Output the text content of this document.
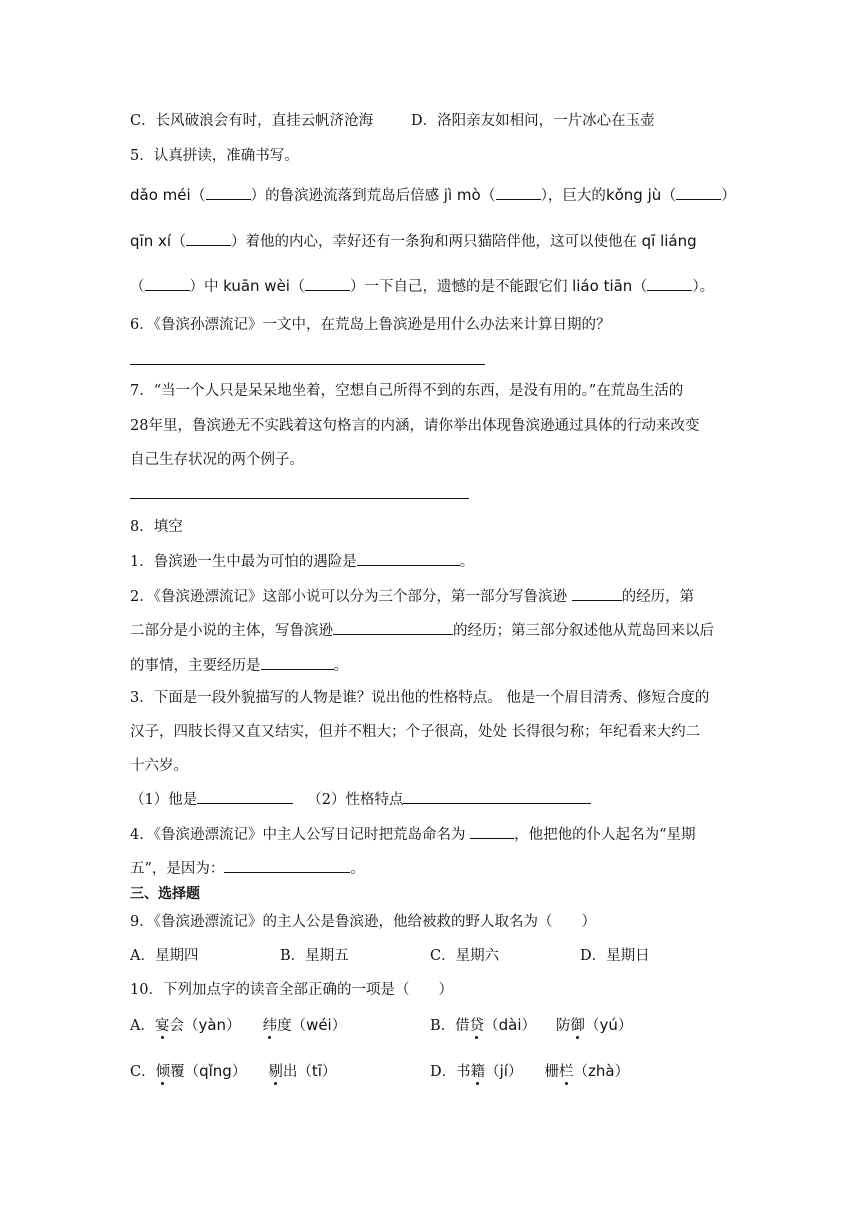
C．长风破浪会有时，直挂云帆济沧海	D．洛阳亲友如相问，一片冰心在玉壶
5．认真拼读，准确书写。
dǎo méi（	）的鲁滨逊流落到荒岛后倍感 jì mò（	），巨大的kǒng jù（	）
qīn xí（	）着他的内心，幸好还有一条狗和两只猫陪伴他，这可以使他在 qī liáng
（	）中 kuān wèi（	）一下自己，遗憾的是不能跟它们 liáo tiān（	）。
6．《鲁滨孙漂流记》一文中，在荒岛上鲁滨逊是用什么办法来计算日期的？
7．“当一个人只是呆呆地坐着，空想自己所得不到的东西，是没有用的。”在荒岛生活的
28年里，鲁滨逊无不实践着这句格言的内涵，请你举出体现鲁滨逊通过具体的行动来改变
自己生存状况的两个例子。
8．填空
1．鲁滨逊一生中最为可怕的遇险是	。
2．《鲁滨逊漂流记》这部小说可以分为三个部分，第一部分写鲁滨逊	的经历，第
二部分是小说的主体，写鲁滨逊	的经历；第三部分叙述他从荒岛回来以后
的事情，主要经历是	。
3．下面是一段外貌描写的人物是谁？说出他的性格特点。 他是一个眉目清秀、修短合度的
汉子，四肢长得又直又结实，但并不粗大；个子很高，处处 长得很匀称；年纪看来大约二
十六岁。
（1）他是	（2）性格特点
4．《鲁滨逊漂流记》中主人公写日记时把荒岛命名为	，他把他的仆人起名为“星期
五”，是因为：	。
三、选择题
9．《鲁滨逊漂流记》的主人公是鲁滨逊，他给被救的野人取名为（　　）
A．星期四	B．星期五	C．星期六	D．星期日
10．下列加点字的读音全部正确的一项是（　　）
A．宴会（yàn） 纬度（wéi）	B．借贷（dài） 防御（yú）
C．倾覆（qǐng） 剔出（tī）	D．书籍（jí） 栅栏（zhà）
